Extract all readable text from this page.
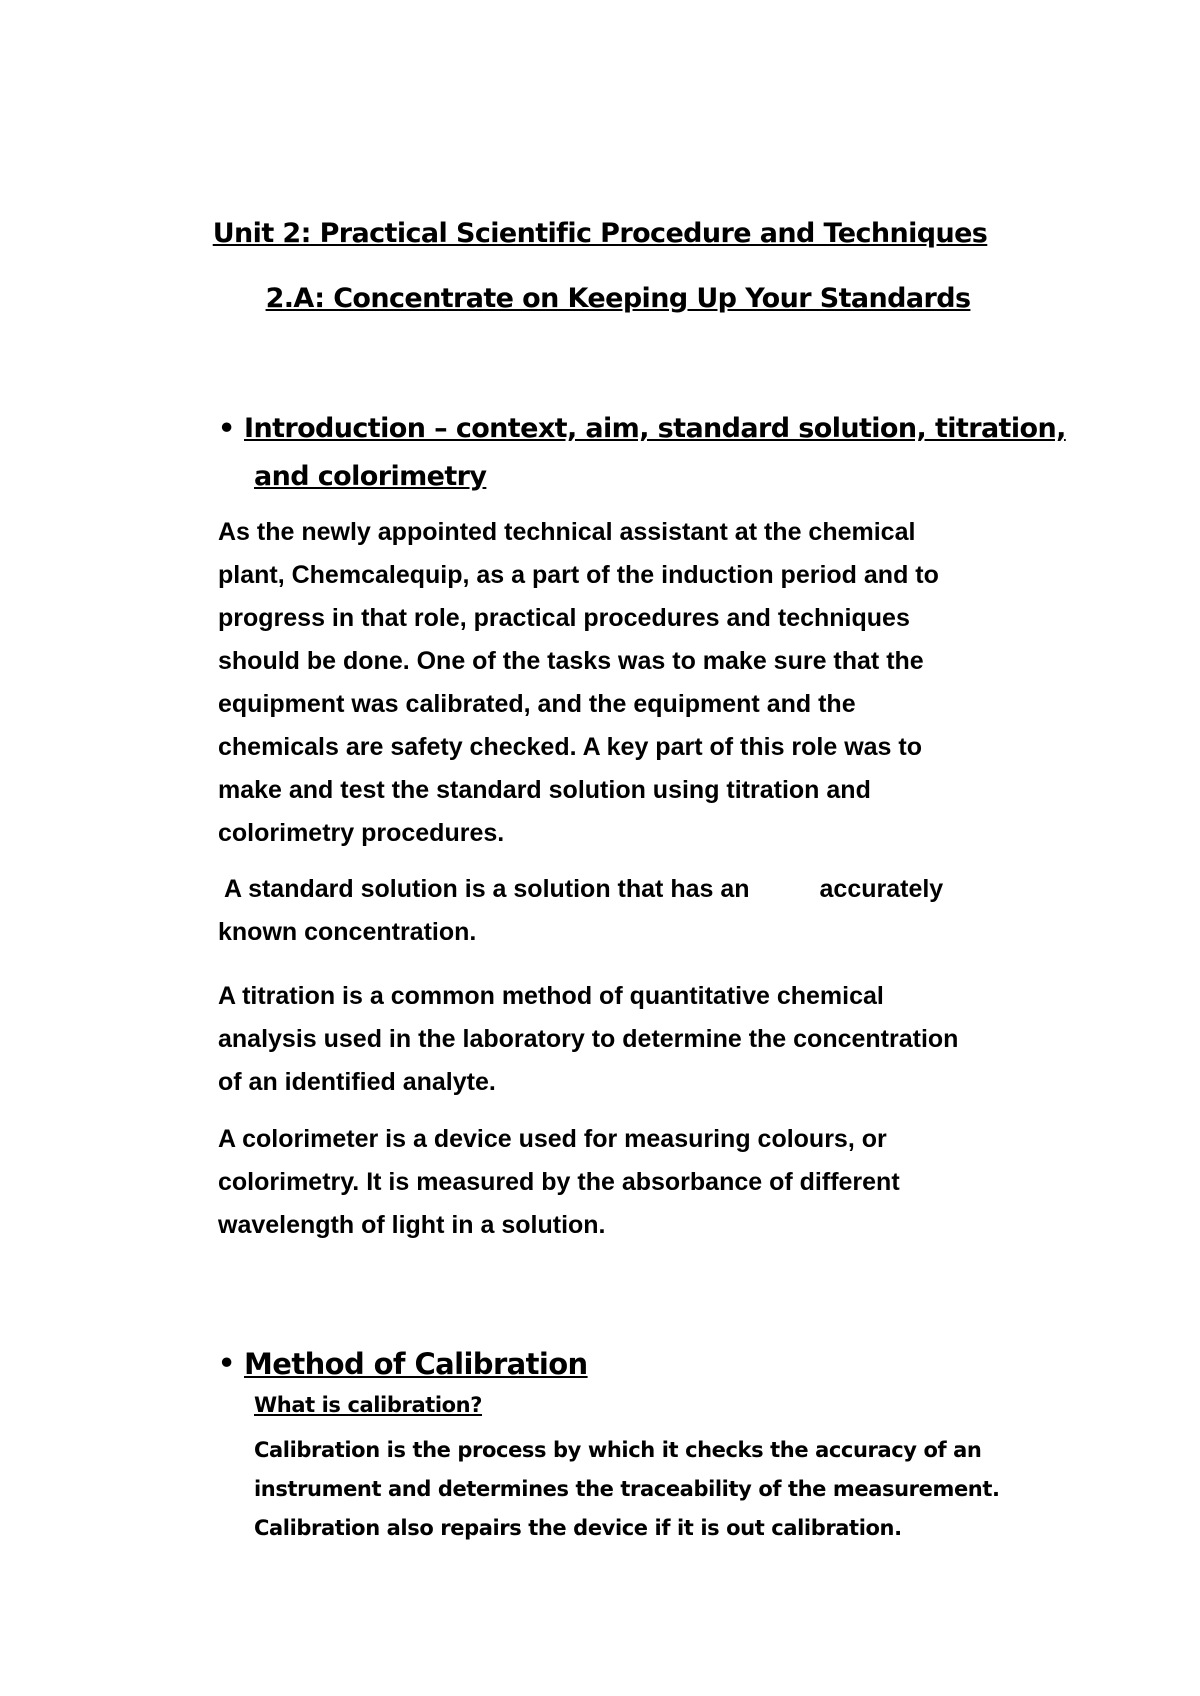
Unit 2: Practical Scientific Procedure and Techniques
2.A: Concentrate on Keeping Up Your Standards
• Introduction – context, aim, standard solution, titration,
and colorimetry
As the newly appointed technical assistant at the chemical
plant, Chemcalequip, as a part of the induction period and to
progress in that role, practical procedures and techniques
should be done. One of the tasks was to make sure that the
equipment was calibrated, and the equipment and the
chemicals are safety checked. A key part of this role was to
make and test the standard solution using titration and
colorimetry procedures.
A standard solution is a solution that has an	accurately
known concentration.
A titration is a common method of quantitative chemical
analysis used in the laboratory to determine the concentration
of an identified analyte.
A colorimeter is a device used for measuring colours, or
colorimetry. It is measured by the absorbance of different
wavelength of light in a solution.
• Method of Calibration
What is calibration?
Calibration is the process by which it checks the accuracy of an
instrument and determines the traceability of the measurement.
Calibration also repairs the device if it is out calibration.
